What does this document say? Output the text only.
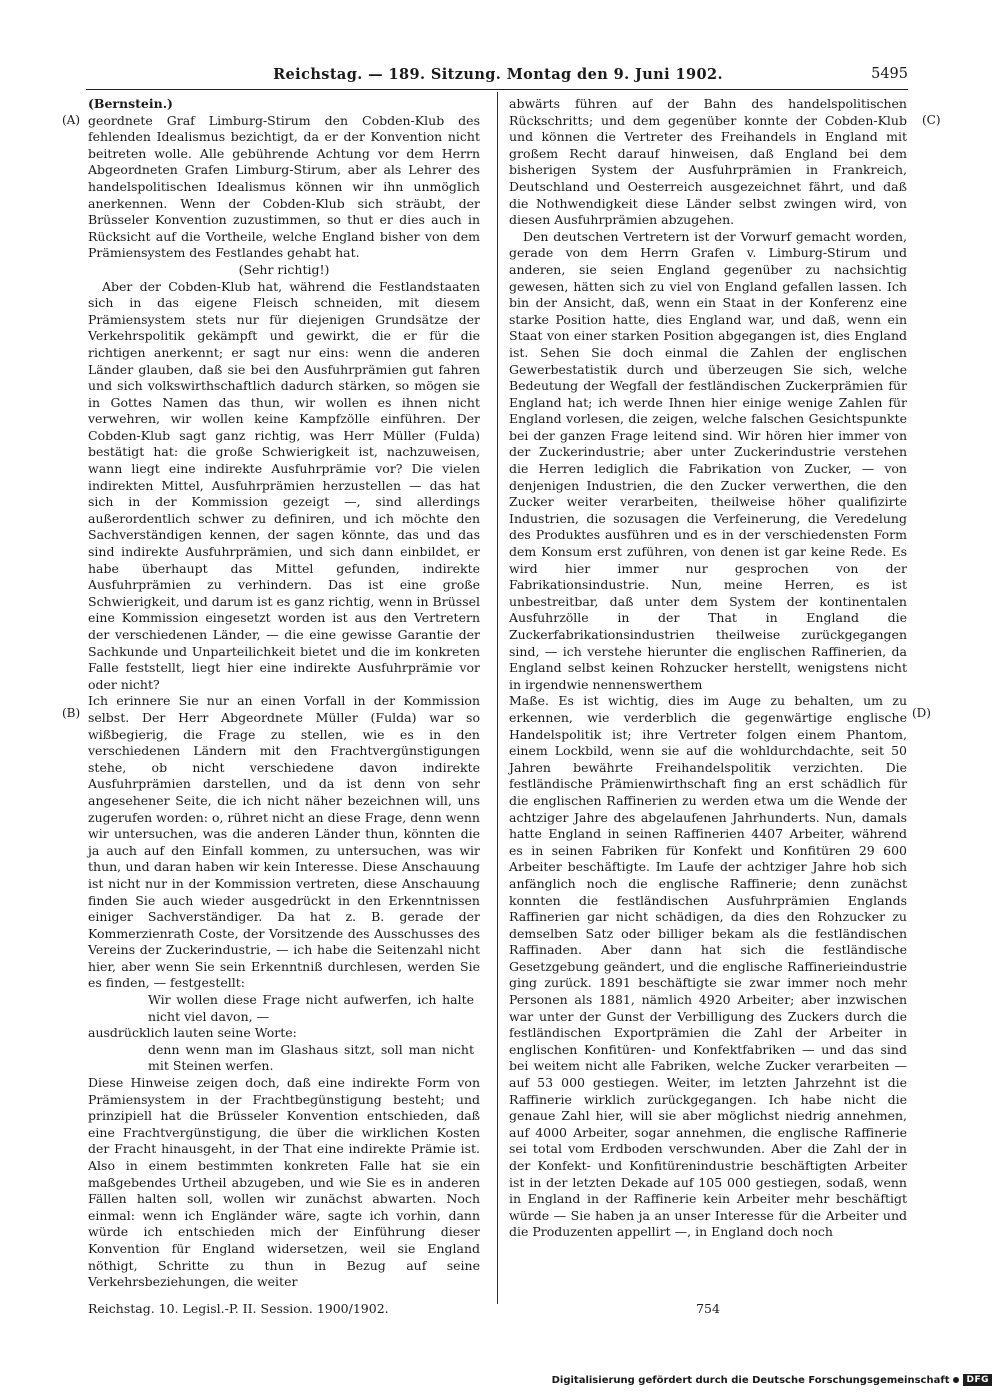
Reichstag. — 189. Sitzung. Montag den 9. Juni 1902.	5495
(A)
(B)
(C)
(D)

(Bernstein.)

geordnete Graf Limburg-Stirum den Cobden-Klub des fehlenden Idealismus bezichtigt, da er der Konvention nicht beitreten wolle. Alle gebührende Achtung vor dem Herrn Abgeordneten Grafen Limburg-Stirum, aber als Lehrer des handelspolitischen Idealismus können wir ihn unmöglich anerkennen. Wenn der Cobden-Klub sich sträubt, der Brüsseler Konvention zuzustimmen, so thut er dies auch in Rücksicht auf die Vortheile, welche England bisher von dem Prämiensystem des Festlandes gehabt hat.

(Sehr richtig!)

Aber der Cobden-Klub hat, während die Festlandstaaten sich in das eigene Fleisch schneiden, mit diesem Prämiensystem stets nur für diejenigen Grundsätze der Verkehrspolitik gekämpft und gewirkt, die er für die richtigen anerkennt; er sagt nur eins: wenn die anderen Länder glauben, daß sie bei den Ausfuhrprämien gut fahren und sich volkswirthschaftlich dadurch stärken, so mögen sie in Gottes Namen das thun, wir wollen es ihnen nicht verwehren, wir wollen keine Kampfzölle einführen. Der Cobden-Klub sagt ganz richtig, was Herr Müller (Fulda) bestätigt hat: die große Schwierigkeit ist, nachzuweisen, wann liegt eine indirekte Ausfuhrprämie vor? Die vielen indirekten Mittel, Ausfuhrprämien herzustellen — das hat sich in der Kommission gezeigt —, sind allerdings außerordentlich schwer zu definiren, und ich möchte den Sachverständigen kennen, der sagen könnte, das und das sind indirekte Ausfuhrprämien, und sich dann einbildet, er habe überhaupt das Mittel gefunden, indirekte Ausfuhrprämien zu verhindern. Das ist eine große Schwierigkeit, und darum ist es ganz richtig, wenn in Brüssel eine Kommission eingesetzt worden ist aus den Vertretern der verschiedenen Länder, — die eine gewisse Garantie der Sachkunde und Unparteilichkeit bietet und die im konkreten Falle feststellt, liegt hier eine indirekte Ausfuhrprämie vor oder nicht?

Ich erinnere Sie nur an einen Vorfall in der Kommission selbst. Der Herr Abgeordnete Müller (Fulda) war so wißbegierig, die Frage zu stellen, wie es in den verschiedenen Ländern mit den Frachtvergünstigungen stehe, ob nicht verschiedene davon indirekte Ausfuhrprämien darstellen, und da ist denn von sehr angesehener Seite, die ich nicht näher bezeichnen will, uns zugerufen worden: o, rühret nicht an diese Frage, denn wenn wir untersuchen, was die anderen Länder thun, könnten die ja auch auf den Einfall kommen, zu untersuchen, was wir thun, und daran haben wir kein Interesse. Diese Anschauung ist nicht nur in der Kommission vertreten, diese Anschauung finden Sie auch wieder ausgedrückt in den Erkenntnissen einiger Sachverständiger. Da hat z. B. gerade der Kommerzienrath Coste, der Vorsitzende des Ausschusses des Vereins der Zuckerindustrie, — ich habe die Seitenzahl nicht hier, aber wenn Sie sein Erkenntniß durchlesen, werden Sie es finden, — festgestellt:

Wir wollen diese Frage nicht aufwerfen, ich halte nicht viel davon, —

ausdrücklich lauten seine Worte:

denn wenn man im Glashaus sitzt, soll man nicht mit Steinen werfen.

Diese Hinweise zeigen doch, daß eine indirekte Form von Prämiensystem in der Frachtbegünstigung besteht; und prinzipiell hat die Brüsseler Konvention entschieden, daß eine Frachtvergünstigung, die über die wirklichen Kosten der Fracht hinausgeht, in der That eine indirekte Prämie ist. Also in einem bestimmten konkreten Falle hat sie ein maßgebendes Urtheil abzugeben, und wie Sie es in anderen Fällen halten soll, wollen wir zunächst abwarten. Noch einmal: wenn ich Engländer wäre, sagte ich vorhin, dann würde ich entschieden mich der Einführung dieser Konvention für England widersetzen, weil sie England nöthigt, Schritte zu thun in Bezug auf seine Verkehrsbeziehungen, die weiter

abwärts führen auf der Bahn des handelspolitischen Rückschritts; und dem gegenüber konnte der Cobden-Klub und können die Vertreter des Freihandels in England mit großem Recht darauf hinweisen, daß England bei dem bisherigen System der Ausfuhrprämien in Frankreich, Deutschland und Oesterreich ausgezeichnet fährt, und daß die Nothwendigkeit diese Länder selbst zwingen wird, von diesen Ausfuhrprämien abzugehen.

Den deutschen Vertretern ist der Vorwurf gemacht worden, gerade von dem Herrn Grafen v. Limburg-Stirum und anderen, sie seien England gegenüber zu nachsichtig gewesen, hätten sich zu viel von England gefallen lassen. Ich bin der Ansicht, daß, wenn ein Staat in der Konferenz eine starke Position hatte, dies England war, und daß, wenn ein Staat von einer starken Position abgegangen ist, dies England ist. Sehen Sie doch einmal die Zahlen der englischen Gewerbestatistik durch und überzeugen Sie sich, welche Bedeutung der Wegfall der festländischen Zuckerprämien für England hat; ich werde Ihnen hier einige wenige Zahlen für England vorlesen, die zeigen, welche falschen Gesichtspunkte bei der ganzen Frage leitend sind. Wir hören hier immer von der Zuckerindustrie; aber unter Zuckerindustrie verstehen die Herren lediglich die Fabrikation von Zucker, — von denjenigen Industrien, die den Zucker verwerthen, die den Zucker weiter verarbeiten, theilweise höher qualifizirte Industrien, die sozusagen die Verfeinerung, die Veredelung des Produktes ausführen und es in der verschiedensten Form dem Konsum erst zuführen, von denen ist gar keine Rede. Es wird hier immer nur gesprochen von der Fabrikationsindustrie. Nun, meine Herren, es ist unbestreitbar, daß unter dem System der kontinentalen Ausfuhrzölle in der That in England die Zuckerfabrikationsindustrien theilweise zurückgegangen sind, — ich verstehe hierunter die englischen Raffinerien, da England selbst keinen Rohzucker herstellt, wenigstens nicht in irgendwie nennenswerthem

Maße. Es ist wichtig, dies im Auge zu behalten, um zu erkennen, wie verderblich die gegenwärtige englische Handelspolitik ist; ihre Vertreter folgen einem Phantom, einem Lockbild, wenn sie auf die wohldurchdachte, seit 50 Jahren bewährte Freihandelspolitik verzichten. Die festländische Prämienwirthschaft fing an erst schädlich für die englischen Raffinerien zu werden etwa um die Wende der achtziger Jahre des abgelaufenen Jahrhunderts. Nun, damals hatte England in seinen Raffinerien 4407 Arbeiter, während es in seinen Fabriken für Konfekt und Konfitüren 29 600 Arbeiter beschäftigte. Im Laufe der achtziger Jahre hob sich anfänglich noch die englische Raffinerie; denn zunächst konnten die festländischen Ausfuhrprämien Englands Raffinerien gar nicht schädigen, da dies den Rohzucker zu demselben Satz oder billiger bekam als die festländischen Raffinaden. Aber dann hat sich die festländische Gesetzgebung geändert, und die englische Raffinerieindustrie ging zurück. 1891 beschäftigte sie zwar immer noch mehr Personen als 1881, nämlich 4920 Arbeiter; aber inzwischen war unter der Gunst der Verbilligung des Zuckers durch die festländischen Exportprämien die Zahl der Arbeiter in englischen Konfitüren- und Konfektfabriken — und das sind bei weitem nicht alle Fabriken, welche Zucker verarbeiten — auf 53 000 gestiegen. Weiter, im letzten Jahrzehnt ist die Raffinerie wirklich zurückgegangen. Ich habe nicht die genaue Zahl hier, will sie aber möglichst niedrig annehmen, auf 4000 Arbeiter, sogar annehmen, die englische Raffinerie sei total vom Erdboden verschwunden. Aber die Zahl der in der Konfekt- und Konfitürenindustrie beschäftigten Arbeiter ist in der letzten Dekade auf 105 000 gestiegen, sodaß, wenn in England in der Raffinerie kein Arbeiter mehr beschäftigt würde — Sie haben ja an unser Interesse für die Arbeiter und die Produzenten appellirt —, in England doch noch

Reichstag. 10. Legisl.-P. II. Session. 1900/1902.	754
Digitalisierung gefördert durch die Deutsche Forschungsgemeinschaft	DFG
